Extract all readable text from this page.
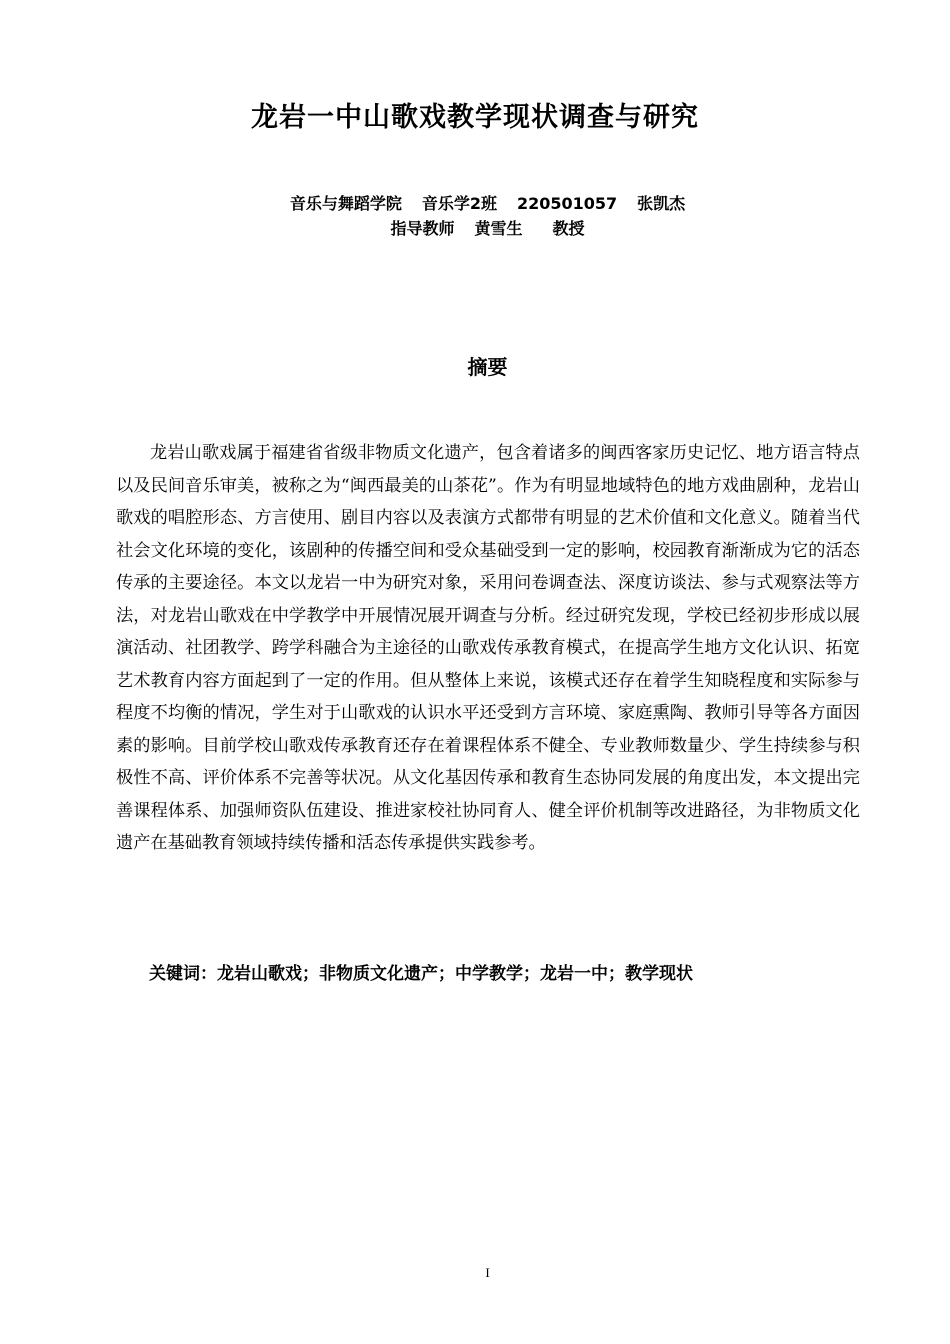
龙岩一中山歌戏教学现状调查与研究
音乐与舞蹈学院 音乐学2班 220501057 张凯杰
指导教师 黄雪生 教授
摘要

龙岩山歌戏属于福建省省级非物质文化遗产，包含着诸多的闽西客家历史记忆、地方语言特点以及民间音乐审美，被称之为“闽西最美的山茶花”。作为有明显地域特色的地方戏曲剧种，龙岩山歌戏的唱腔形态、方言使用、剧目内容以及表演方式都带有明显的艺术价值和文化意义。随着当代社会文化环境的变化，该剧种的传播空间和受众基础受到一定的影响，校园教育渐渐成为它的活态传承的主要途径。本文以龙岩一中为研究对象，采用问卷调查法、深度访谈法、参与式观察法等方法，对龙岩山歌戏在中学教学中开展情况展开调查与分析。经过研究发现，学校已经初步形成以展演活动、社团教学、跨学科融合为主途径的山歌戏传承教育模式，在提高学生地方文化认识、拓宽艺术教育内容方面起到了一定的作用。但从整体上来说，该模式还存在着学生知晓程度和实际参与程度不均衡的情况，学生对于山歌戏的认识水平还受到方言环境、家庭熏陶、教师引导等各方面因素的影响。目前学校山歌戏传承教育还存在着课程体系不健全、专业教师数量少、学生持续参与积极性不高、评价体系不完善等状况。从文化基因传承和教育生态协同发展的角度出发，本文提出完善课程体系、加强师资队伍建设、推进家校社协同育人、健全评价机制等改进路径，为非物质文化遗产在基础教育领域持续传播和活态传承提供实践参考。

关键词：龙岩山歌戏；非物质文化遗产；中学教学；龙岩一中；教学现状
I
